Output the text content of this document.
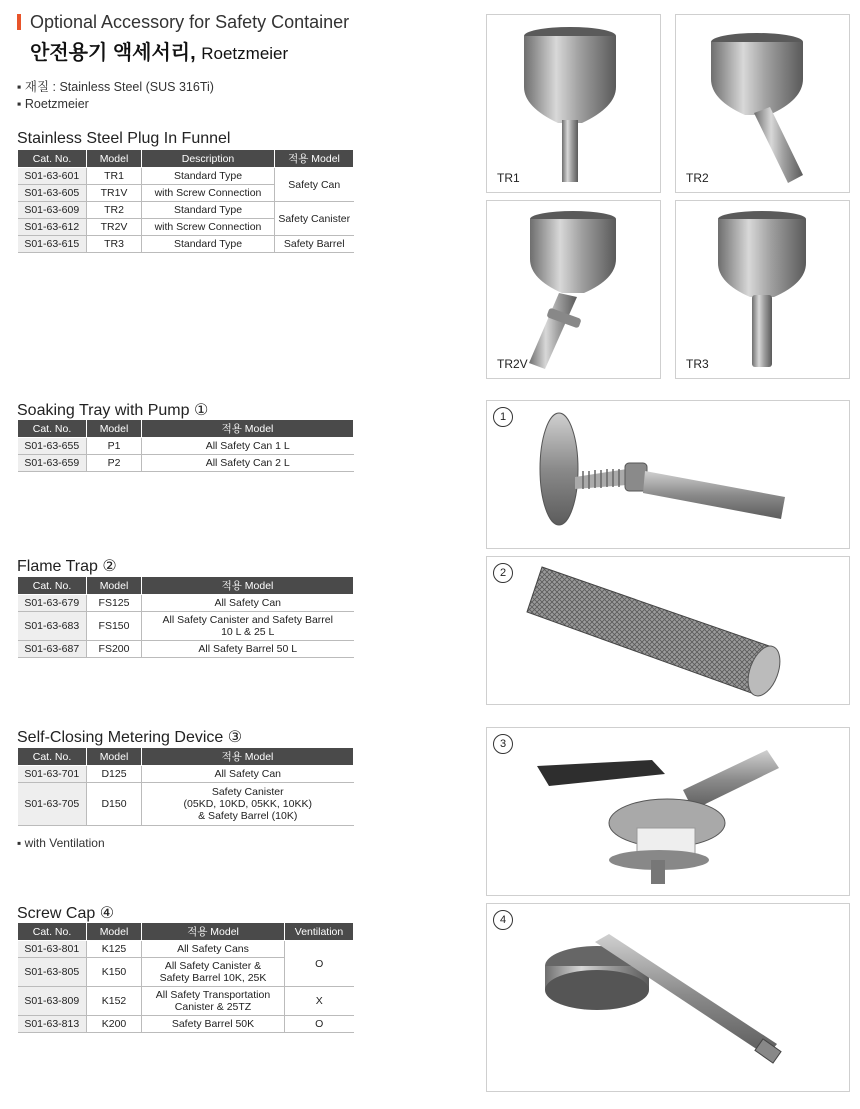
Optional Accessory for Safety Container
안전용기 액세서리, Roetzmeier
▪ 재질 : Stainless Steel (SUS 316Ti)
▪ Roetzmeier
Stainless Steel Plug In Funnel
Cat. No.	Model	Description	적용 Model
S01-63-601	TR1	Standard Type	Safety Can
S01-63-605	TR1V	with Screw Connection	
S01-63-609	TR2	Standard Type	Safety Canister
S01-63-612	TR2V	with Screw Connection	
S01-63-615	TR3	Standard Type	Safety Barrel
Soaking Tray with Pump ①
Cat. No.	Model	적용 Model
S01-63-655	P1	All Safety Can 1 L
S01-63-659	P2	All Safety Can 2 L
Flame Trap ②
Cat. No.	Model	적용 Model
S01-63-679	FS125	All Safety Can
S01-63-683	FS150	All Safety Canister and Safety Barrel
10 L & 25 L

S01-63-687	FS200	All Safety Barrel 50 L
Self-Closing Metering Device ③
Cat. No.	Model	적용 Model
S01-63-701	D125	All Safety Can
S01-63-705	D150	Safety Canister
(05KD, 10KD, 05KK, 10KK)
& Safety Barrel (10K)
▪ with Ventilation
Screw Cap ④
Cat. No.	Model	적용 Model	Ventilation
S01-63-801	K125	All Safety Cans	O
S01-63-805	K150	All Safety Canister &
Safety Barrel 10K, 25K	

S01-63-809	K152	All Safety Transportation
Canister & 25TZ	X
S01-63-813	K200	Safety Barrel 50K	O
TR1	TR2
TR2V	TR3
1
2
3
4
